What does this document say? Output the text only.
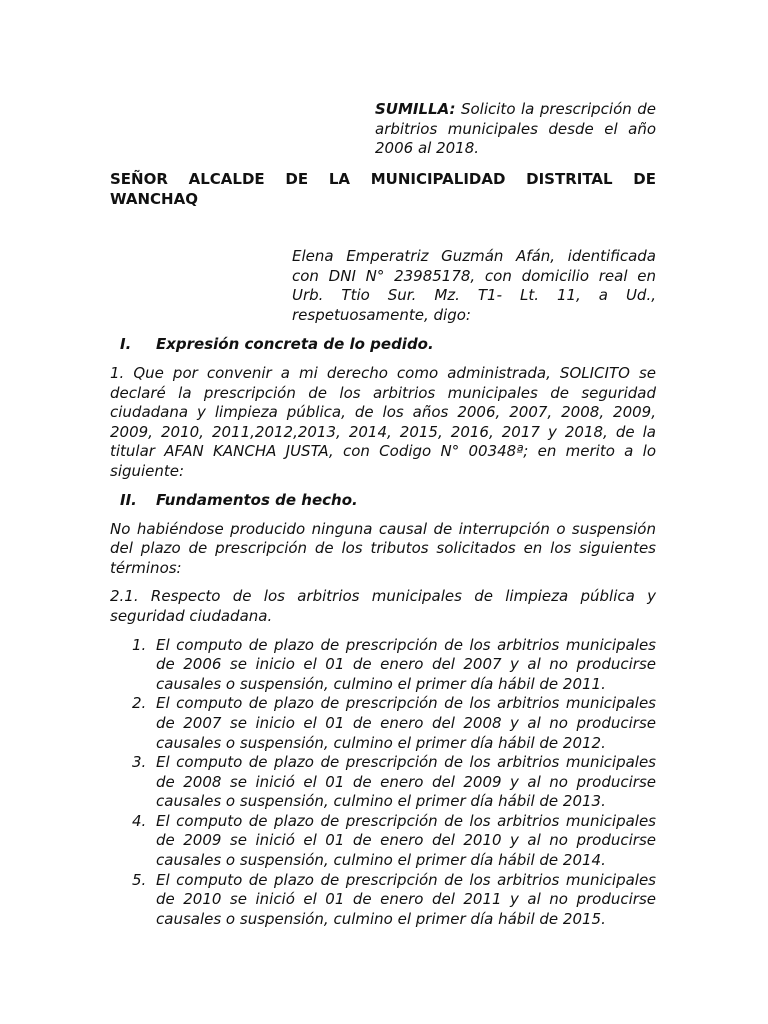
SUMILLA: Solicito la prescripción de arbitrios municipales desde el año 2006 al 2018.
SEÑOR ALCALDE DE LA MUNICIPALIDAD DISTRITAL DE
WANCHAQ
Elena Emperatriz Guzmán Afán, identificada con DNI N° 23985178, con domicilio real en Urb. Ttio Sur. Mz. T1- Lt. 11, a Ud., respetuosamente, digo:
I. Expresión concreta de lo pedido.

1. Que por convenir a mi derecho como administrada, SOLICITO se declaré la prescripción de los arbitrios municipales de seguridad ciudadana y limpieza pública, de los años 2006, 2007, 2008, 2009, 2009, 2010, 2011,2012,2013, 2014, 2015, 2016, 2017 y 2018, de la titular AFAN KANCHA JUSTA, con Codigo N° 00348ª; en merito a lo siguiente:

II. Fundamentos de hecho.

No habiéndose producido ninguna causal de interrupción o suspensión del plazo de prescripción de los tributos solicitados en los siguientes términos:

2.1. Respecto de los arbitrios municipales de limpieza pública y seguridad ciudadana.

1. El computo de plazo de prescripción de los arbitrios municipales de 2006 se inicio el 01 de enero del 2007 y al no producirse causales o suspensión, culmino el primer día hábil de 2011.
2. El computo de plazo de prescripción de los arbitrios municipales de 2007 se inicio el 01 de enero del 2008 y al no producirse causales o suspensión, culmino el primer día hábil de 2012.
3. El computo de plazo de prescripción de los arbitrios municipales de 2008 se inició el 01 de enero del 2009 y al no producirse causales o suspensión, culmino el primer día hábil de 2013.
4. El computo de plazo de prescripción de los arbitrios municipales de 2009 se inició el 01 de enero del 2010 y al no producirse causales o suspensión, culmino el primer día hábil de 2014.
5. El computo de plazo de prescripción de los arbitrios municipales de 2010 se inició el 01 de enero del 2011 y al no producirse causales o suspensión, culmino el primer día hábil de 2015.
